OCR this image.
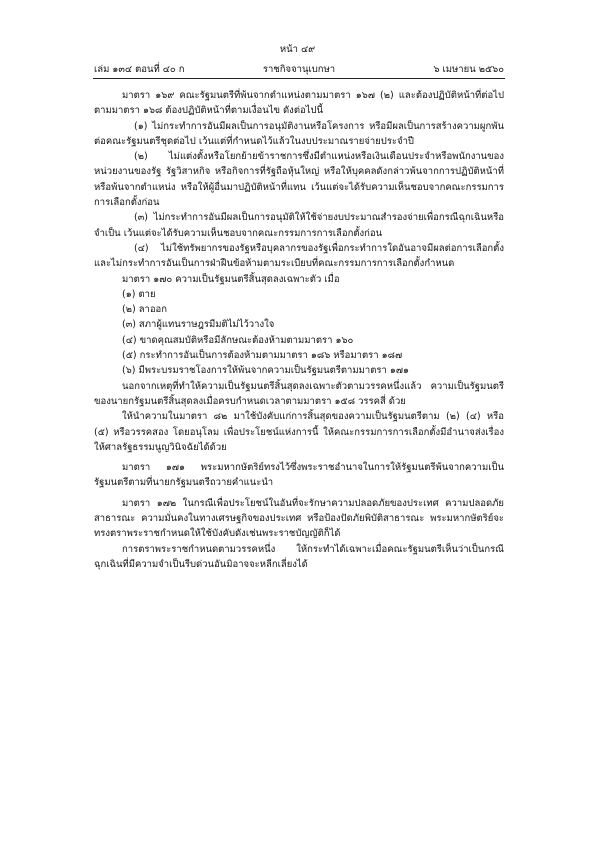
หน้า ๔๙
เล่ม ๑๓๔ ตอนที่ ๔๐ ก	ราชกิจจานุเบกษา	๖ เมษายน ๒๕๖๐

มาตรา ๑๖๙ คณะรัฐมนตรีที่พ้นจากตำแหน่งตามมาตรา ๑๖๗ (๒) และต้องปฏิบัติหน้าที่ต่อไปตามมาตรา ๑๖๘ ต้องปฏิบัติหน้าที่ตามเงื่อนไข ดังต่อไปนี้

(๑) ไม่กระทำการอันมีผลเป็นการอนุมัติงานหรือโครงการ หรือมีผลเป็นการสร้างความผูกพันต่อคณะรัฐมนตรีชุดต่อไป เว้นแต่ที่กำหนดไว้แล้วในงบประมาณรายจ่ายประจำปี

(๒) ไม่แต่งตั้งหรือโยกย้ายข้าราชการซึ่งมีตำแหน่งหรือเงินเดือนประจำหรือพนักงานของหน่วยงานของรัฐ รัฐวิสาหกิจ หรือกิจการที่รัฐถือหุ้นใหญ่ หรือให้บุคคลดังกล่าวพ้นจากการปฏิบัติหน้าที่หรือพ้นจากตำแหน่ง หรือให้ผู้อื่นมาปฏิบัติหน้าที่แทน เว้นแต่จะได้รับความเห็นชอบจากคณะกรรมการการเลือกตั้งก่อน

(๓) ไม่กระทำการอันมีผลเป็นการอนุมัติให้ใช้จ่ายงบประมาณสำรองจ่ายเพื่อกรณีฉุกเฉินหรือจำเป็น เว้นแต่จะได้รับความเห็นชอบจากคณะกรรมการการเลือกตั้งก่อน

(๔) ไม่ใช้ทรัพยากรของรัฐหรือบุคลากรของรัฐเพื่อกระทำการใดอันอาจมีผลต่อการเลือกตั้งและไม่กระทำการอันเป็นการฝ่าฝืนข้อห้ามตามระเบียบที่คณะกรรมการการเลือกตั้งกำหนด

มาตรา ๑๗๐ ความเป็นรัฐมนตรีสิ้นสุดลงเฉพาะตัว เมื่อ

(๑) ตาย

(๒) ลาออก

(๓) สภาผู้แทนราษฎรมีมติไม่ไว้วางใจ

(๔) ขาดคุณสมบัติหรือมีลักษณะต้องห้ามตามมาตรา ๑๖๐

(๕) กระทำการอันเป็นการต้องห้ามตามมาตรา ๑๘๖ หรือมาตรา ๑๘๗

(๖) มีพระบรมราชโองการให้พ้นจากความเป็นรัฐมนตรีตามมาตรา ๑๗๑

นอกจากเหตุที่ทำให้ความเป็นรัฐมนตรีสิ้นสุดลงเฉพาะตัวตามวรรคหนึ่งแล้ว ความเป็นรัฐมนตรีของนายกรัฐมนตรีสิ้นสุดลงเมื่อครบกำหนดเวลาตามมาตรา ๑๕๘ วรรคสี่ ด้วย

ให้นำความในมาตรา ๘๒ มาใช้บังคับแก่การสิ้นสุดของความเป็นรัฐมนตรีตาม (๒) (๔) หรือ (๕) หรือวรรคสอง โดยอนุโลม เพื่อประโยชน์แห่งการนี้ ให้คณะกรรมการการเลือกตั้งมีอำนาจส่งเรื่องให้ศาลรัฐธรรมนูญวินิจฉัยได้ด้วย

มาตรา ๑๗๑ พระมหากษัตริย์ทรงไว้ซึ่งพระราชอำนาจในการให้รัฐมนตรีพ้นจากความเป็นรัฐมนตรีตามที่นายกรัฐมนตรีถวายคำแนะนำ

มาตรา ๑๗๒ ในกรณีเพื่อประโยชน์ในอันที่จะรักษาความปลอดภัยของประเทศ ความปลอดภัยสาธารณะ ความมั่นคงในทางเศรษฐกิจของประเทศ หรือป้องปัดภัยพิบัติสาธารณะ พระมหากษัตริย์จะทรงตราพระราชกำหนดให้ใช้บังคับดังเช่นพระราชบัญญัติก็ได้

การตราพระราชกำหนดตามวรรคหนึ่ง ให้กระทำได้เฉพาะเมื่อคณะรัฐมนตรีเห็นว่าเป็นกรณีฉุกเฉินที่มีความจำเป็นรีบด่วนอันมิอาจจะหลีกเลี่ยงได้
